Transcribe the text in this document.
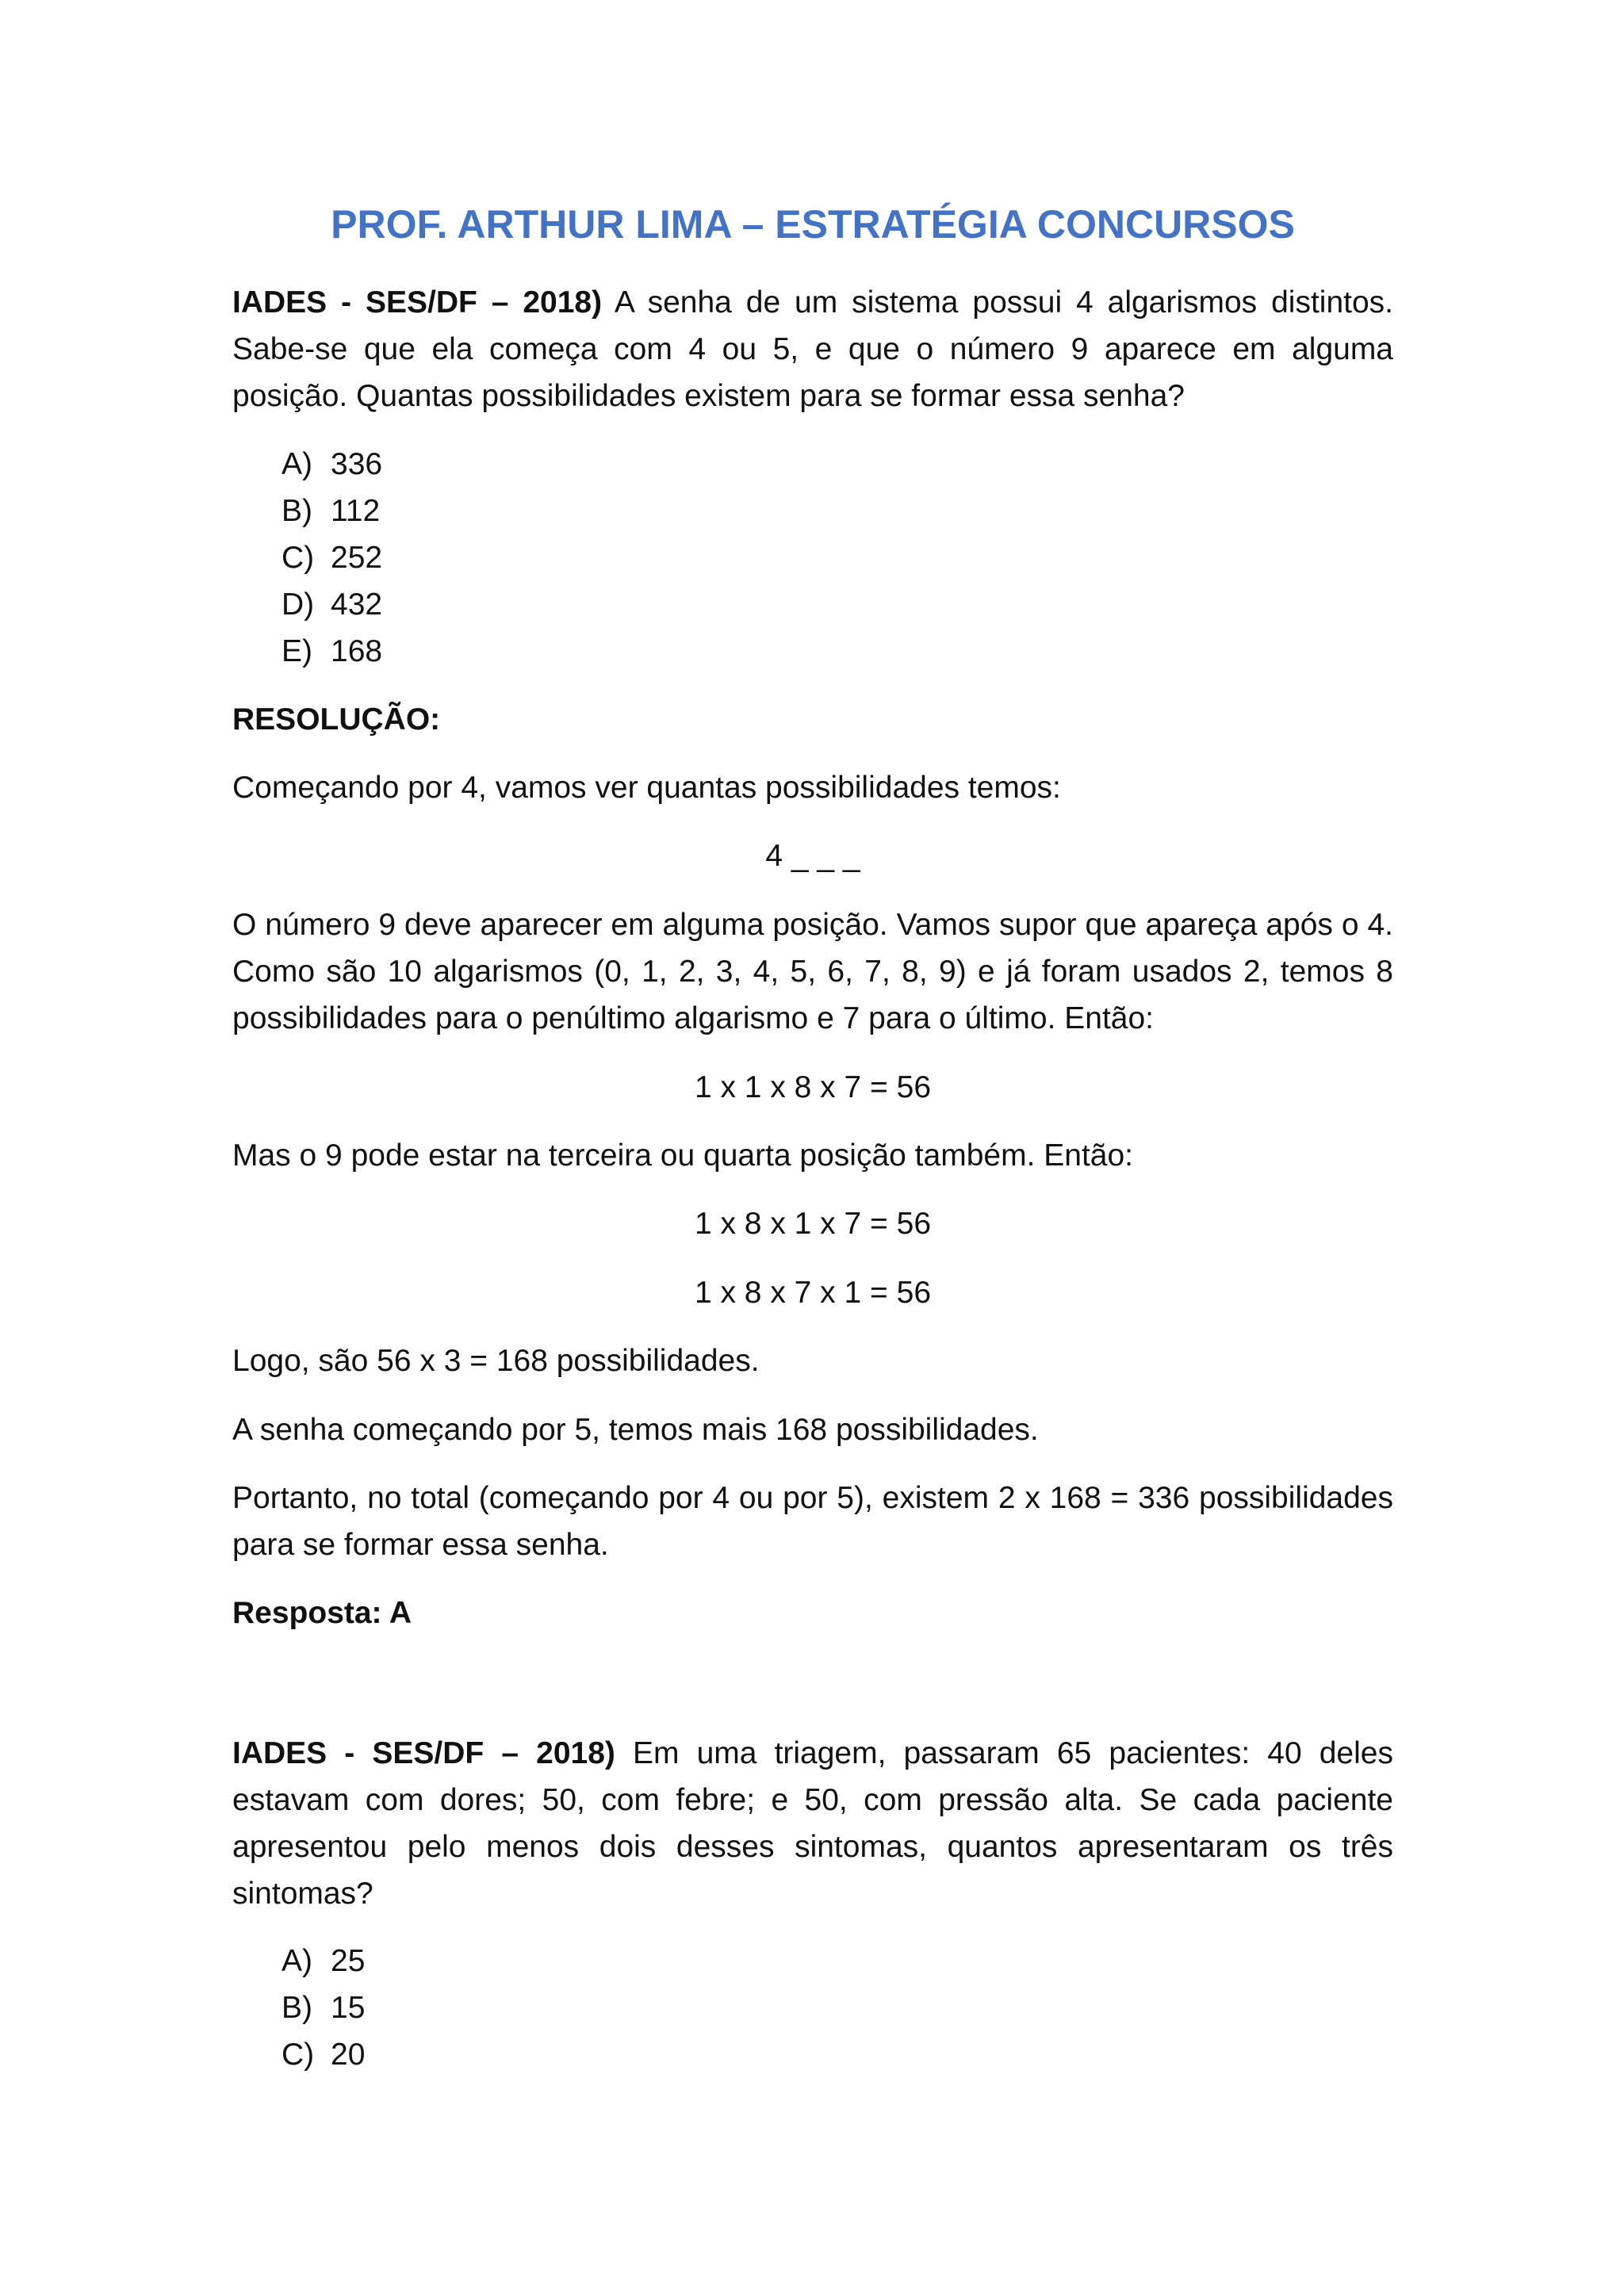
PROF. ARTHUR LIMA – ESTRATÉGIA CONCURSOS
IADES - SES/DF – 2018) A senha de um sistema possui 4 algarismos distintos. Sabe-se que ela começa com 4 ou 5, e que o número 9 aparece em alguma posição. Quantas possibilidades existem para se formar essa senha?
A) 336
B) 112
C) 252
D) 432
E) 168
RESOLUÇÃO:
Começando por 4, vamos ver quantas possibilidades temos:
4 _ _ _
O número 9 deve aparecer em alguma posição. Vamos supor que apareça após o 4. Como são 10 algarismos (0, 1, 2, 3, 4, 5, 6, 7, 8, 9) e já foram usados 2, temos 8 possibilidades para o penúltimo algarismo e 7 para o último. Então:
1 x 1 x 8 x 7 = 56
Mas o 9 pode estar na terceira ou quarta posição também. Então:
1 x 8 x 1 x 7 = 56
1 x 8 x 7 x 1 = 56
Logo, são 56 x 3 = 168 possibilidades.
A senha começando por 5, temos mais 168 possibilidades.
Portanto, no total (começando por 4 ou por 5), existem 2 x 168 = 336 possibilidades para se formar essa senha.
Resposta: A
IADES - SES/DF – 2018) Em uma triagem, passaram 65 pacientes: 40 deles estavam com dores; 50, com febre; e 50, com pressão alta. Se cada paciente apresentou pelo menos dois desses sintomas, quantos apresentaram os três sintomas?
A) 25
B) 15
C) 20
